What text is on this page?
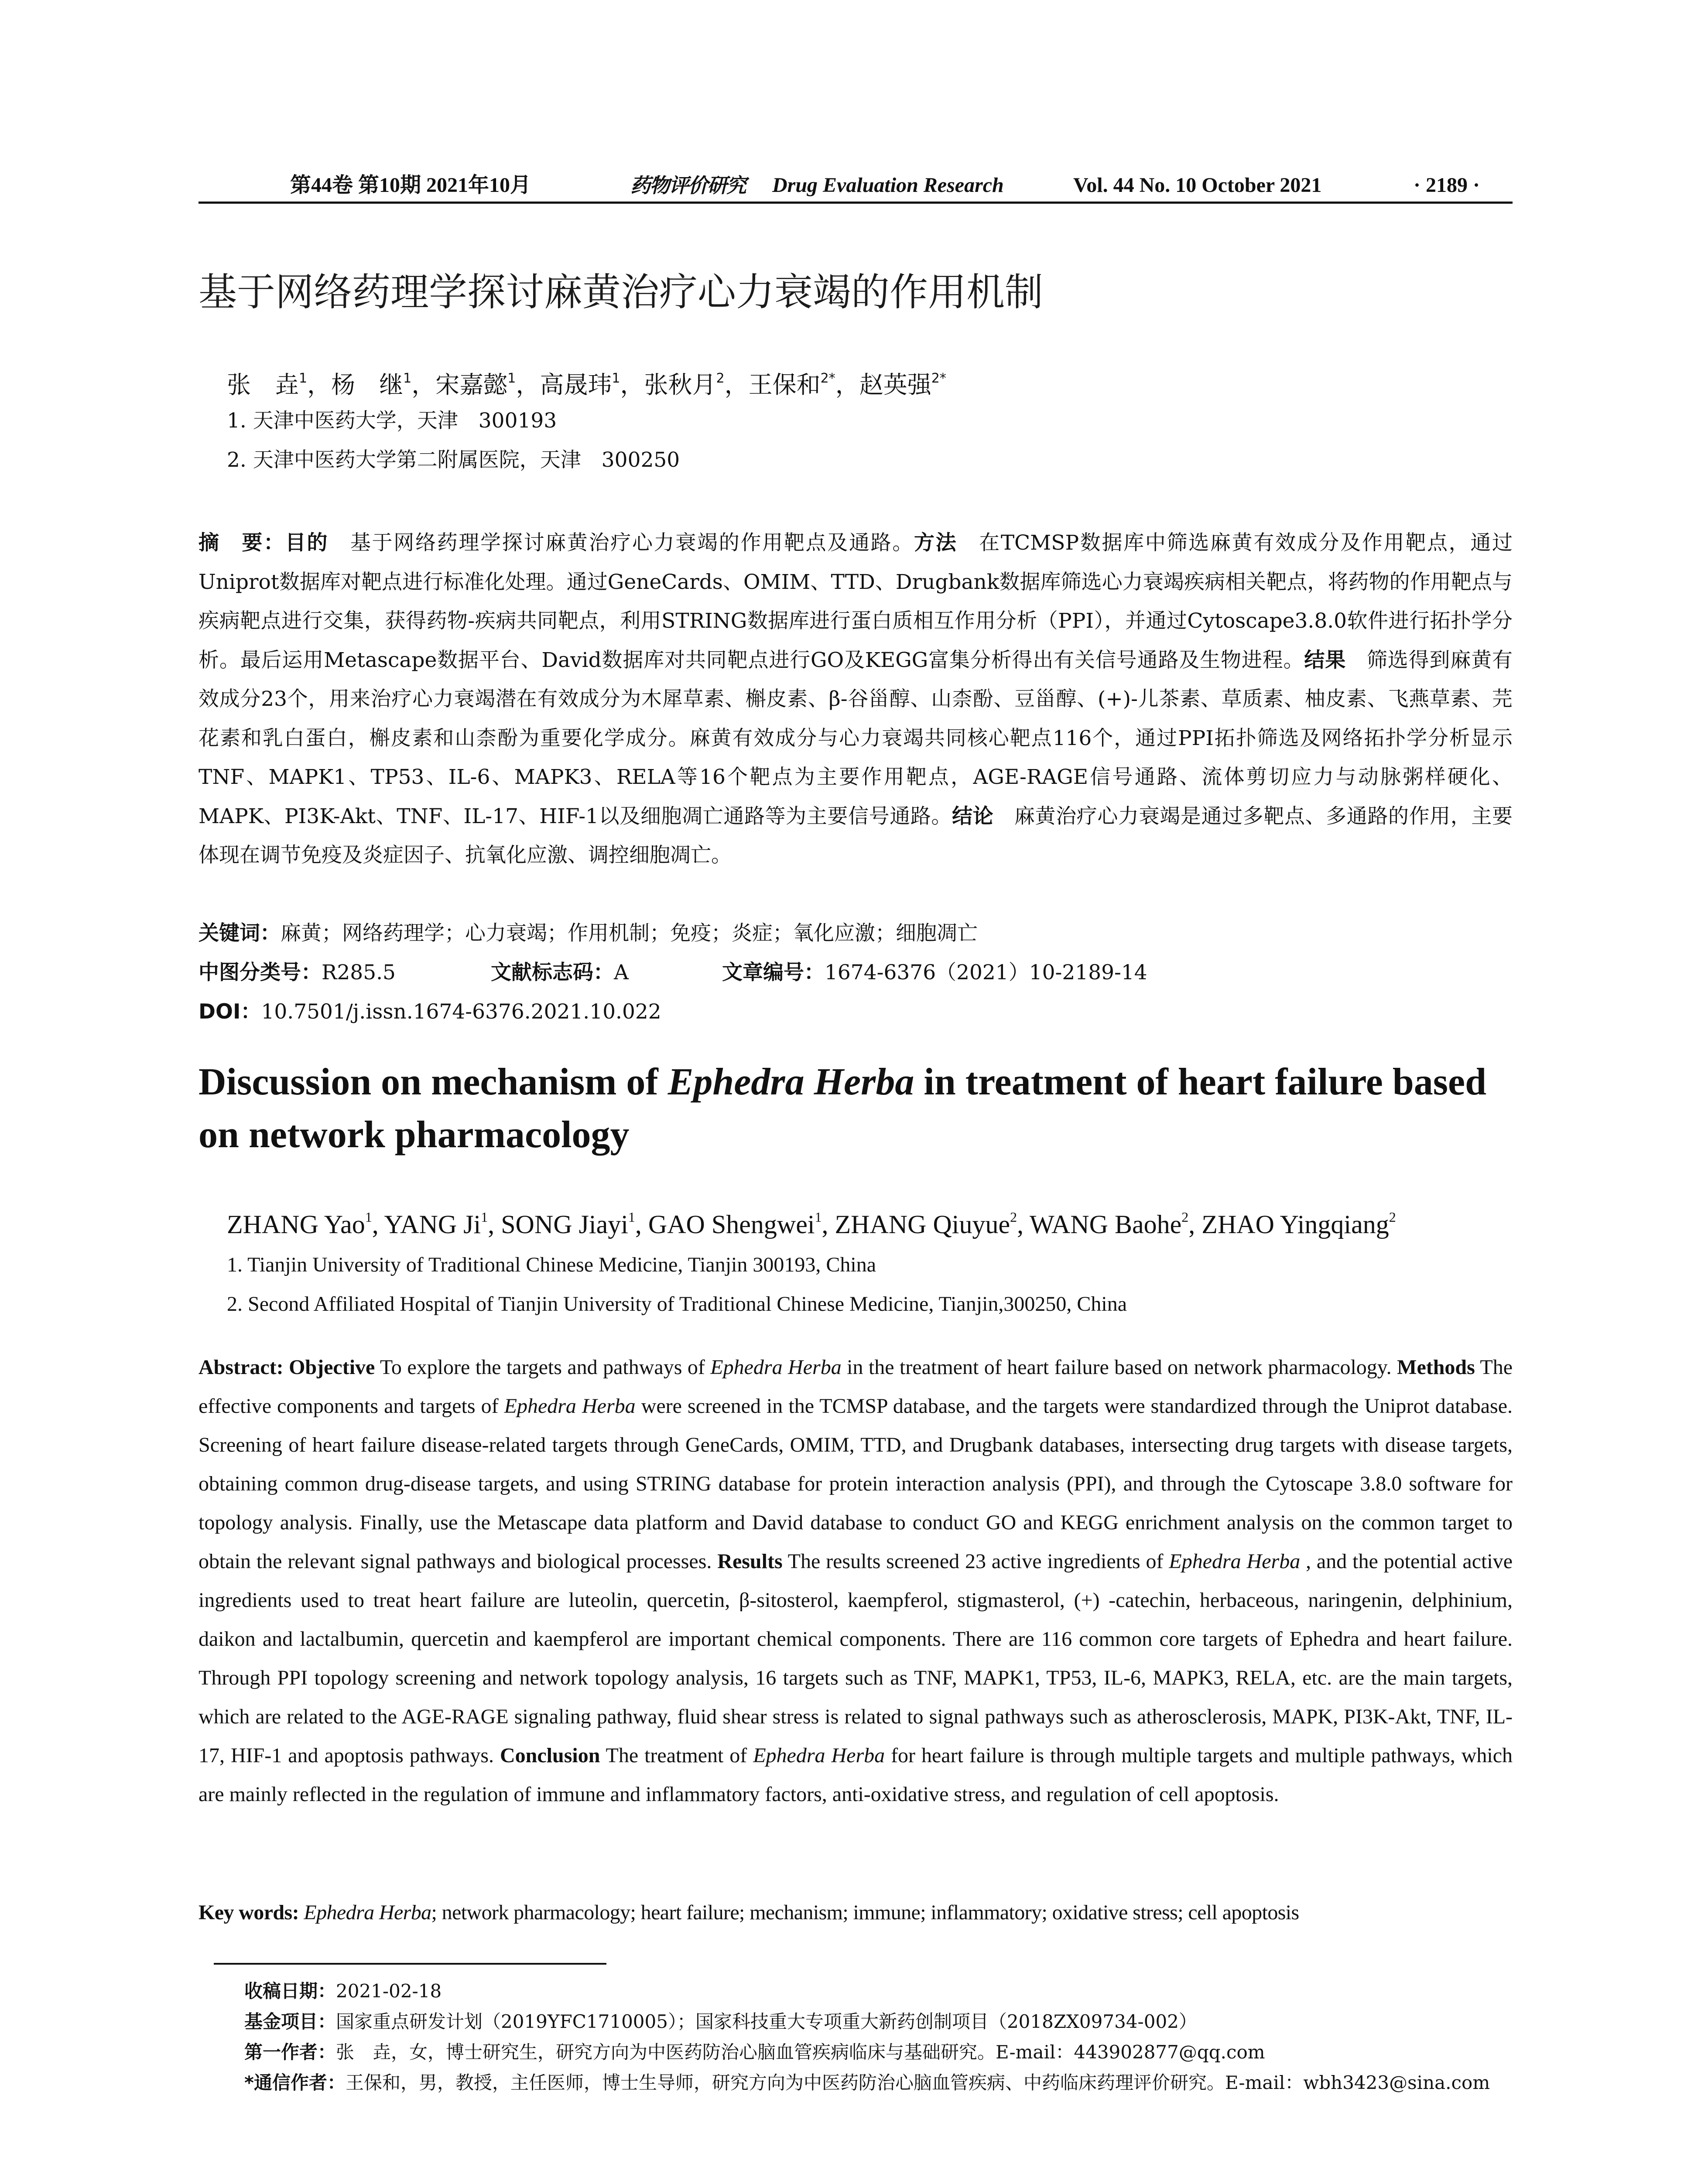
第44卷 第10期 2021年10月	药物评价研究 Drug Evaluation Research	Vol. 44 No. 10 October 2021	· 2189 ·
基于网络药理学探讨麻黄治疗心力衰竭的作用机制
张　垚$^1$，杨　继$^1$，宋嘉懿$^1$，高晟玮$^1$，张秋月$^2$，王保和$^{2*}$，赵英强$^{2*}$
1. 天津中医药大学，天津　300193
2. 天津中医药大学第二附属医院，天津　300250
摘　要：目的　 基于网络药理学探讨麻黄治疗心力衰竭的作用靶点及通路。方法　 在TCMSP数据库中筛选麻黄有效成分及作用靶点，通过Uniprot数据库对靶点进行标准化处理。通过GeneCards、OMIM、TTD、Drugbank数据库筛选心力衰竭疾病相关靶点，将药物的作用靶点与疾病靶点进行交集，获得药物-疾病共同靶点，利用STRING数据库进行蛋白质相互作用分析（PPI），并通过Cytoscape3.8.0软件进行拓扑学分析。最后运用Metascape数据平台、David数据库对共同靶点进行GO及KEGG富集分析得出有关信号通路及生物进程。结果　 筛选得到麻黄有效成分23个，用来治疗心力衰竭潜在有效成分为木犀草素、槲皮素、β-谷甾醇、山柰酚、豆甾醇、(+)-儿茶素、草质素、柚皮素、飞燕草素、芫花素和乳白蛋白，槲皮素和山柰酚为重要化学成分。麻黄有效成分与心力衰竭共同核心靶点116个，通过PPI拓扑筛选及网络拓扑学分析显示TNF、MAPK1、TP53、IL-6、MAPK3、RELA等16个靶点为主要作用靶点，AGE-RAGE信号通路、流体剪切应力与动脉粥样硬化、MAPK、PI3K-Akt、TNF、IL-17、HIF-1以及细胞凋亡通路等为主要信号通路。结论　 麻黄治疗心力衰竭是通过多靶点、多通路的作用，主要体现在调节免疫及炎症因子、抗氧化应激、调控细胞凋亡。
关键词：麻黄；网络药理学；心力衰竭；作用机制；免疫；炎症；氧化应激；细胞凋亡
中图分类号：R285.5	文献标志码：A	文章编号：1674-6376（2021）10-2189-14
DOI：10.7501/j.issn.1674-6376.2021.10.022
Discussion on mechanism of Ephedra Herba in treatment of heart failure based on network pharmacology
ZHANG Yao$^1$, YANG Ji$^1$, SONG Jiayi$^1$, GAO Shengwei$^1$, ZHANG Qiuyue$^2$, WANG Baohe$^2$, ZHAO Yingqiang$^2$
1. Tianjin University of Traditional Chinese Medicine, Tianjin 300193, China
2. Second Affiliated Hospital of Tianjin University of Traditional Chinese Medicine, Tianjin,300250, China
Abstract: Objective To explore the targets and pathways of Ephedra Herba in the treatment of heart failure based on network pharmacology. Methods The effective components and targets of Ephedra Herba were screened in the TCMSP database, and the targets were standardized through the Uniprot database. Screening of heart failure disease-related targets through GeneCards, OMIM, TTD, and Drugbank databases, intersecting drug targets with disease targets, obtaining common drug-disease targets, and using STRING database for protein interaction analysis (PPI), and through the Cytoscape 3.8.0 software for topology analysis. Finally, use the Metascape data platform and David database to conduct GO and KEGG enrichment analysis on the common target to obtain the relevant signal pathways and biological processes. Results The results screened 23 active ingredients of Ephedra Herba , and the potential active ingredients used to treat heart failure are luteolin, quercetin, β-sitosterol, kaempferol, stigmasterol, (+) -catechin, herbaceous, naringenin, delphinium, daikon and lactalbumin, quercetin and kaempferol are important chemical components. There are 116 common core targets of Ephedra and heart failure. Through PPI topology screening and network topology analysis, 16 targets such as TNF, MAPK1, TP53, IL-6, MAPK3, RELA, etc. are the main targets, which are related to the AGE-RAGE signaling pathway, fluid shear stress is related to signal pathways such as atherosclerosis, MAPK, PI3K-Akt, TNF, IL-17, HIF-1 and apoptosis pathways. Conclusion The treatment of Ephedra Herba for heart failure is through multiple targets and multiple pathways, which are mainly reflected in the regulation of immune and inflammatory factors, anti-oxidative stress, and regulation of cell apoptosis.
Key words: Ephedra Herba; network pharmacology; heart failure; mechanism; immune; inflammatory; oxidative stress; cell apoptosis
收稿日期：2021-02-18
基金项目：国家重点研发计划（2019YFC1710005）；国家科技重大专项重大新药创制项目（2018ZX09734-002）
第一作者：张　垚，女，博士研究生，研究方向为中医药防治心脑血管疾病临床与基础研究。E-mail：443902877@qq.com
*通信作者：王保和，男，教授，主任医师，博士生导师，研究方向为中医药防治心脑血管疾病、中药临床药理评价研究。E-mail：wbh3423@sina.com
